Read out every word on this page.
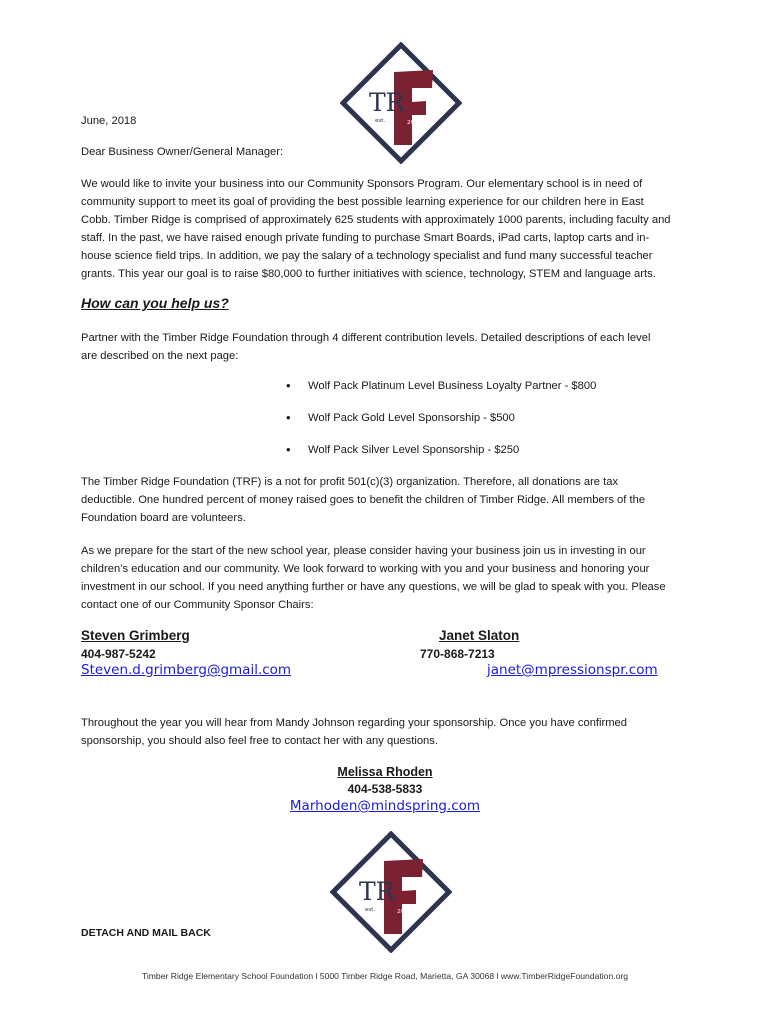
TR
est.	2005
June, 2018
Dear Business Owner/General Manager:
We would like to invite your business into our Community Sponsors Program. Our elementary school is in need of
community support to meet its goal of providing the best possible learning experience for our children here in East
Cobb. Timber Ridge is comprised of approximately 625 students with approximately 1000 parents, including faculty and
staff. In the past, we have raised enough private funding to purchase Smart Boards, iPad carts, laptop carts and in-
house science field trips. In addition, we pay the salary of a technology specialist and fund many successful teacher
grants. This year our goal is to raise $80,000 to further initiatives with science, technology, STEM and language arts.
How can you help us?
Partner with the Timber Ridge Foundation through 4 different contribution levels. Detailed descriptions of each level
are described on the next page:
• Wolf Pack Platinum Level Business Loyalty Partner - $800
• Wolf Pack Gold Level Sponsorship - $500
• Wolf Pack Silver Level Sponsorship - $250
The Timber Ridge Foundation (TRF) is a not for profit 501(c)(3) organization. Therefore, all donations are tax
deductible. One hundred percent of money raised goes to benefit the children of Timber Ridge. All members of the
Foundation board are volunteers.
As we prepare for the start of the new school year, please consider having your business join us in investing in our
children’s education and our community. We look forward to working with you and your business and honoring your
investment in our school. If you need anything further or have any questions, we will be glad to speak with you. Please
contact one of our Community Sponsor Chairs:
Steven Grimberg
404-987-5242
Steven.d.grimberg@gmail.com
Janet Slaton
770-868-7213
janet@mpressionspr.com
Throughout the year you will hear from Mandy Johnson regarding your sponsorship. Once you have confirmed
sponsorship, you should also feel free to contact her with any questions.
Melissa Rhoden
404-538-5833
Marhoden@mindspring.com
TR
est.	2005
DETACH AND MAIL BACK
Timber Ridge Elementary School Foundation l 5000 Timber Ridge Road, Marietta, GA 30068 l www.TimberRidgeFoundation.org
